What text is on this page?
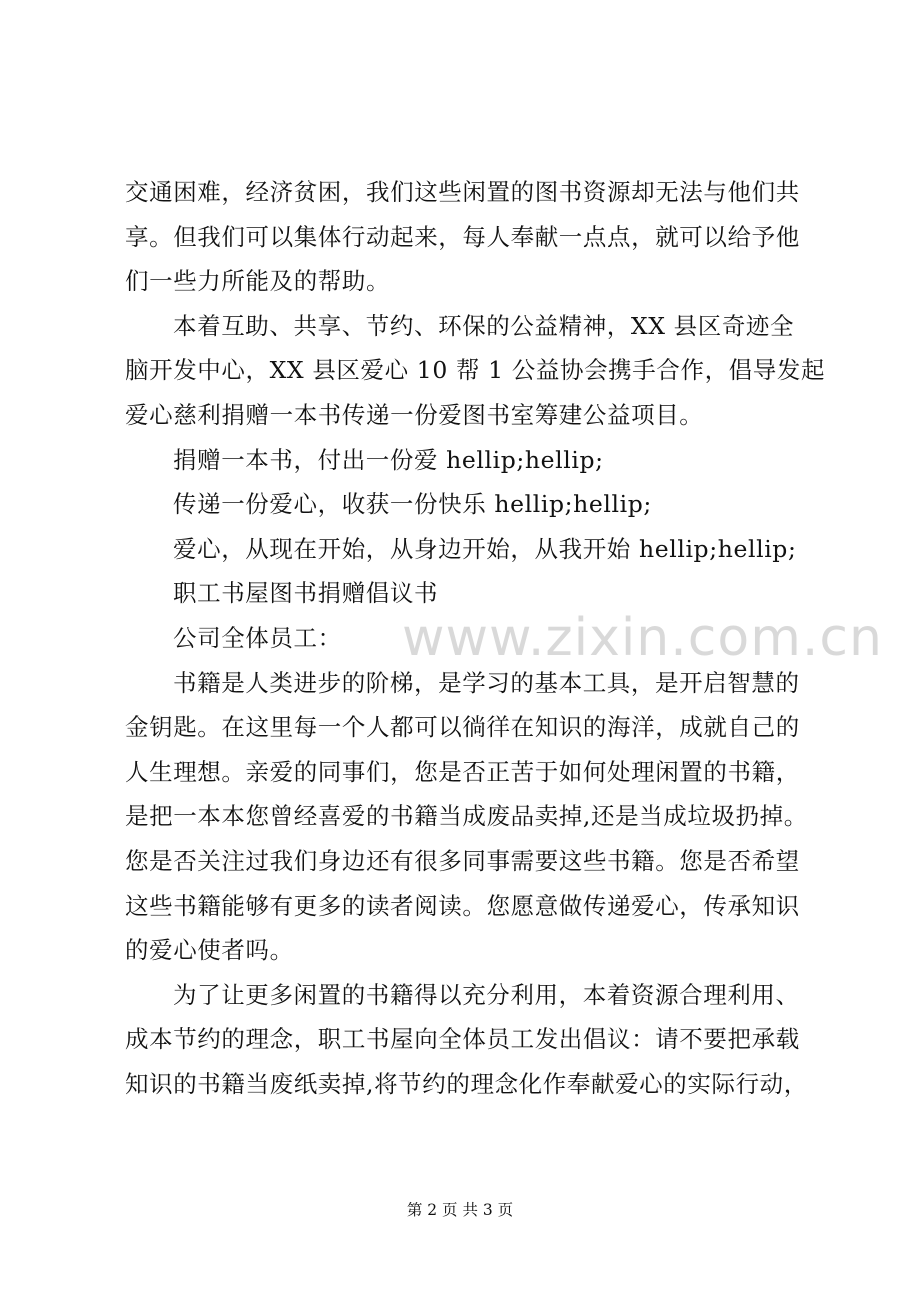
交通困难，经济贫困，我们这些闲置的图书资源却无法与他们共
享。但我们可以集体行动起来，每人奉献一点点，就可以给予他
们一些力所能及的帮助。
本着互助、共享、节约、环保的公益精神，XX 县区奇迹全
脑开发中心，XX 县区爱心 10 帮 1 公益协会携手合作，倡导发起
爱心慈利捐赠一本书传递一份爱图书室筹建公益项目。
捐赠一本书，付出一份爱 hellip;hellip;
传递一份爱心，收获一份快乐 hellip;hellip;
爱心，从现在开始，从身边开始，从我开始 hellip;hellip;
职工书屋图书捐赠倡议书
公司全体员工：
书籍是人类进步的阶梯，是学习的基本工具，是开启智慧的
金钥匙。在这里每一个人都可以徜徉在知识的海洋，成就自己的
人生理想。亲爱的同事们，您是否正苦于如何处理闲置的书籍，
是把一本本您曾经喜爱的书籍当成废品卖掉,还是当成垃圾扔掉。
您是否关注过我们身边还有很多同事需要这些书籍。您是否希望
这些书籍能够有更多的读者阅读。您愿意做传递爱心，传承知识
的爱心使者吗。
为了让更多闲置的书籍得以充分利用，本着资源合理利用、
成本节约的理念，职工书屋向全体员工发出倡议：请不要把承载
知识的书籍当废纸卖掉,将节约的理念化作奉献爱心的实际行动，
www.zixin.com.cn
第 2 页 共 3 页
